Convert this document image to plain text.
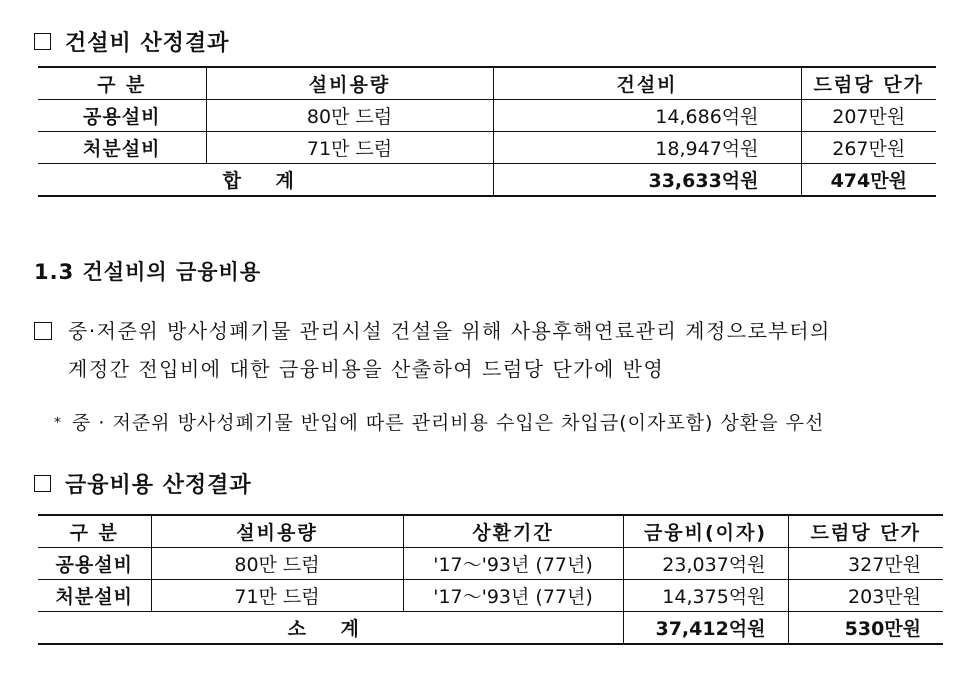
건설비 산정결과
구 분	설비용량	건설비	드럼당 단가
공용설비	80만 드럼	14,686억원	207만원
처분설비	71만 드럼	18,947억원	267만원
합 계		33,633억원	474만원
1.3 건설비의 금융비용
중·저준위 방사성폐기물 관리시설 건설을 위해 사용후핵연료관리 계정으로부터의
계정간 전입비에 대한 금융비용을 산출하여 드럼당 단가에 반영
* 중 · 저준위 방사성폐기물 반입에 따른 관리비용 수입은 차입금(이자포함) 상환을 우선
금융비용 산정결과
구 분	설비용량	상환기간	금융비(이자)	드럼당 단가
공용설비	80만 드럼	'17～'93년 (77년)	23,037억원	327만원
처분설비	71만 드럼	'17～'93년 (77년)	14,375억원	203만원
소 계			37,412억원	530만원
